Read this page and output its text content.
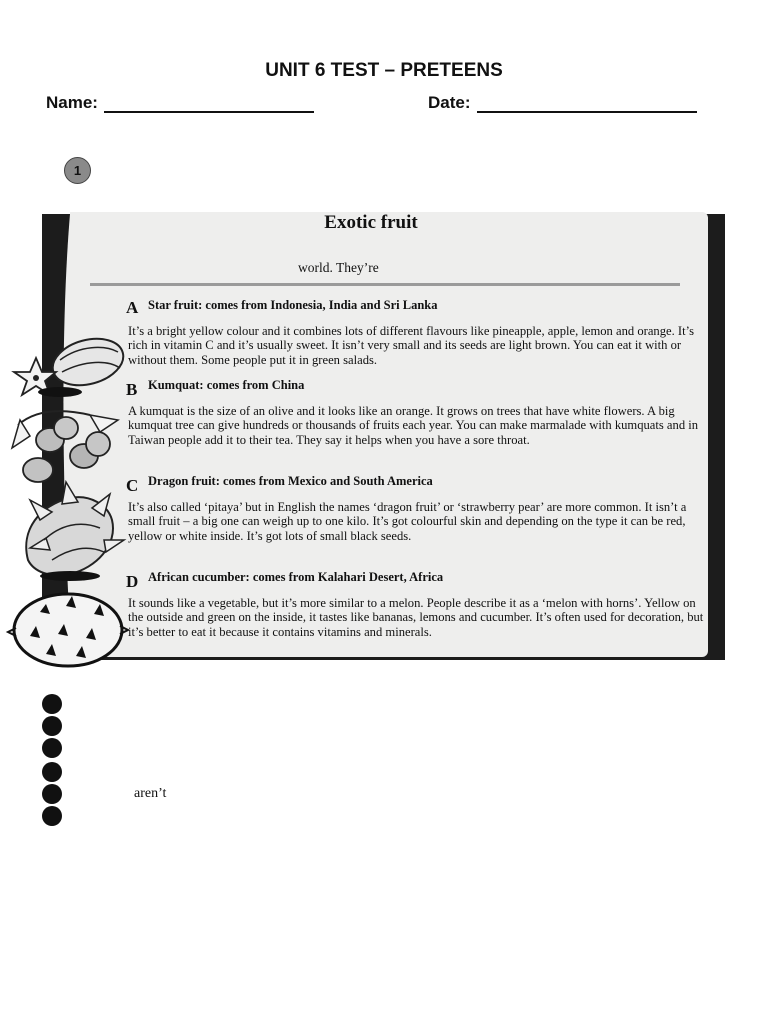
UNIT 6 TEST – PRETEENS
Name:	Date:
1
Exotic fruit
world. They’re
A Star fruit: comes from Indonesia, India and Sri Lanka

It’s a bright yellow colour and it combines lots of different flavours like pineapple, apple, lemon and orange. It’s rich in vitamin C and it’s usually sweet. It isn’t very small and its seeds are light brown. You can eat it with or without them. Some people put it in green salads.

B Kumquat: comes from China

A kumquat is the size of an olive and it looks like an orange. It grows on trees that have white flowers. A big kumquat tree can give hundreds or thousands of fruits each year. You can make marmalade with kumquats and in Taiwan people add it to their tea. They say it helps when you have a sore throat.

C Dragon fruit: comes from Mexico and South America

It’s also called ‘pitaya’ but in English the names ‘dragon fruit’ or ‘strawberry pear’ are more common. It isn’t a small fruit – a big one can weigh up to one kilo. It’s got colourful skin and depending on the type it can be red, yellow or white inside. It’s got lots of small black seeds.

D African cucumber: comes from Kalahari Desert, Africa

It sounds like a vegetable, but it’s more similar to a melon. People describe it as a ‘melon with horns’. Yellow on the outside and green on the inside, it tastes like bananas, lemons and cucumber. It’s often used for decoration, but it’s better to eat it because it contains vitamins and minerals.

aren’t
